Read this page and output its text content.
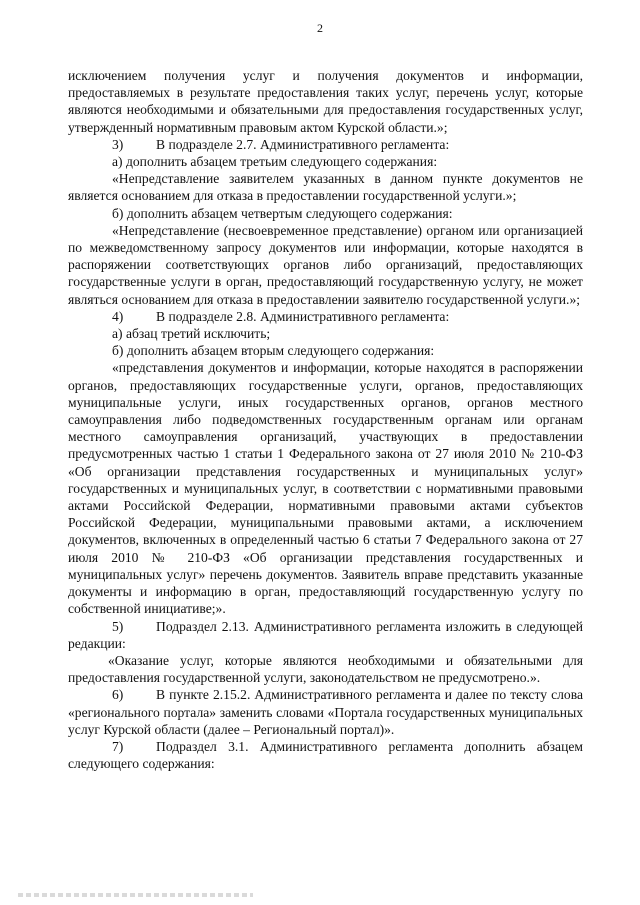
2

исключением получения услуг и получения документов и информации, предоставляемых в результате предоставления таких услуг, перечень услуг, которые являются необходимыми и обязательными для предоставления государственных услуг, утвержденный нормативным правовым актом Курской области.»;

3) В подразделе 2.7. Административного регламента:

а) дополнить абзацем третьим следующего содержания:

«Непредставление заявителем указанных в данном пункте документов не является основанием для отказа в предоставлении государственной услуги.»;

б) дополнить абзацем четвертым следующего содержания:

«Непредставление (несвоевременное представление) органом или организацией по межведомственному запросу документов или информации, которые находятся в распоряжении соответствующих органов либо организаций, предоставляющих государственные услуги в орган, предоставляющий государственную услугу, не может являться основанием для отказа в предоставлении заявителю государственной услуги.»;

4) В подразделе 2.8. Административного регламента:

а) абзац третий исключить;

б) дополнить абзацем вторым следующего содержания:

«представления документов и информации, которые находятся в распоряжении органов, предоставляющих государственные услуги, органов, предоставляющих муниципальные услуги, иных государственных органов, органов местного самоуправления либо подведомственных государственным органам или органам местного самоуправления организаций, участвующих в предоставлении предусмотренных частью 1 статьи 1 Федерального закона от 27 июля 2010 № 210-ФЗ «Об организации представления государственных и муниципальных услуг» государственных и муниципальных услуг, в соответствии с нормативными правовыми актами Российской Федерации, нормативными правовыми актами субъектов Российской Федерации, муниципальными правовыми актами, а исключением документов, включенных в определенный частью 6 статьи 7 Федерального закона от 27 июля 2010 № 210-ФЗ «Об организации представления государственных и муниципальных услуг» перечень документов. Заявитель вправе представить указанные документы и информацию в орган, предоставляющий государственную услугу по собственной инициативе;».

5) Подраздел 2.13. Административного регламента изложить в следующей редакции:

«Оказание услуг, которые являются необходимыми и обязательными для предоставления государственной услуги, законодательством не предусмотрено.».

6) В пункте 2.15.2. Административного регламента и далее по тексту слова «регионального портала» заменить словами «Портала государственных муниципальных услуг Курской области (далее – Региональный портал)».

7) Подраздел 3.1. Административного регламента дополнить абзацем следующего содержания:
